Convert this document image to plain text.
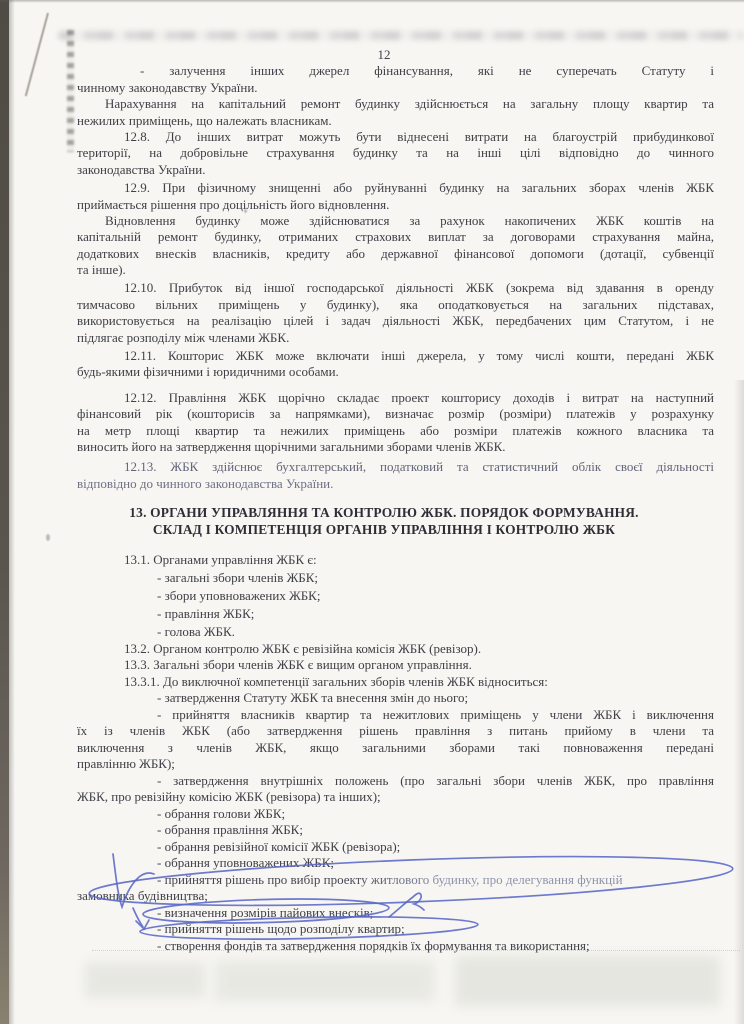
12
- залучення інших джерел фінансування, які не суперечать Статуту і
чинному законодавству України.
Нарахування на капітальний ремонт будинку здійснюється на загальну площу квартир та
нежилих приміщень, що належать власникам.
12.8. До інших витрат можуть бути віднесені витрати на благоустрій прибудинкової
території, на добровільне страхування будинку та на інші цілі відповідно до чинного
законодавства України.
12.9. При фізичному знищенні або руйнуванні будинку на загальних зборах членів ЖБК
приймається рішення про доцільність його відновлення.
Відновлення будинку може здійснюватися за рахунок накопичених ЖБК коштів на
капітальній ремонт будинку, отриманих страхових виплат за договорами страхування майна,
додаткових внесків власників, кредиту або державної фінансової допомоги (дотації, субвенції
та інше).
12.10. Прибуток від іншої господарської діяльності ЖБК (зокрема від здавання в оренду
тимчасово вільних приміщень у будинку), яка оподатковується на загальних підставах,
використовується на реалізацію цілей і задач діяльності ЖБК, передбачених цим Статутом, і не
підлягає розподілу між членами ЖБК.
12.11. Кошторис ЖБК може включати інші джерела, у тому числі кошти, передані ЖБК
будь-якими фізичними і юридичними особами.
12.12. Правління ЖБК щорічно складає проект кошторису доходів і витрат на наступний
фінансовий рік (кошторисів за напрямками), визначає розмір (розміри) платежів у розрахунку
на метр площі квартир та нежилих приміщень або розміри платежів кожного власника та
виносить його на затвердження щорічними загальними зборами членів ЖБК.
12.13. ЖБК здійснює бухгалтерський, податковий та статистичний облік своєї діяльності
відповідно до чинного законодавства України.
13. ОРГАНИ УПРАВЛЯННЯ ТА КОНТРОЛЮ ЖБК. ПОРЯДОК ФОРМУВАННЯ.
СКЛАД І КОМПЕТЕНЦІЯ ОРГАНІВ УПРАВЛІННЯ І КОНТРОЛЮ ЖБК
13.1. Органами управління ЖБК є:
- загальні збори членів ЖБК;
- збори уповноважених ЖБК;
- правління ЖБК;
- голова ЖБК.
13.2. Органом контролю ЖБК є ревізійна комісія ЖБК (ревізор).
13.3. Загальні збори членів ЖБК є вищим органом управління.
13.3.1. До виключної компетенції загальних зборів членів ЖБК відноситься:
- затвердження Статуту ЖБК та внесення змін до нього;
- прийняття власників квартир та нежитлових приміщень у члени ЖБК і виключення
їх із членів ЖБК (або затвердження рішень правління з питань прийому в члени та
виключення з членів ЖБК, якщо загальними зборами такі повноваження передані
правлінню ЖБК);
- затвердження внутрішніх положень (про загальні збори членів ЖБК, про правління
ЖБК, про ревізійну комісію ЖБК (ревізора) та інших);
- обрання голови ЖБК;
- обрання правління ЖБК;
- обрання ревізійної комісії ЖБК (ревізора);
- обрання уповноважених ЖБК;
- прийняття рішень про вибір проекту житлового будинку, про делегування функцій
замовника будівництва;
- визначення розмірів пайових внесків;
- прийняття рішень щодо розподілу квартир;
- створення фондів та затвердження порядків їх формування та використання;
